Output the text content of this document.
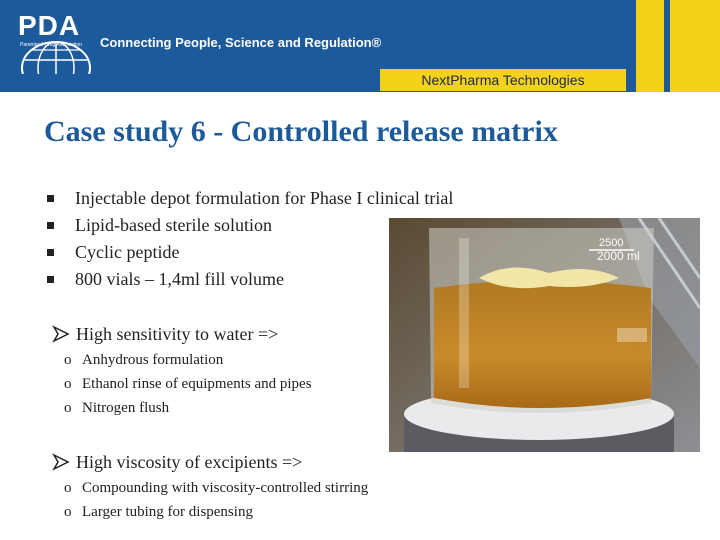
PDA
Parenteral Drug Association	Connecting People, Science and Regulation®
NextPharma Technologies
Case study 6 - Controlled release matrix
2500
2000 ml
Injectable depot formulation for Phase I clinical trial
Lipid-based sterile solution
Cyclic peptide
800 vials – 1,4ml fill volume
High sensitivity to water =>
o Anhydrous formulation
o Ethanol rinse of equipments and pipes
o Nitrogen flush
High viscosity of excipients =>
o Compounding with viscosity-controlled stirring
o Larger tubing for dispensing
